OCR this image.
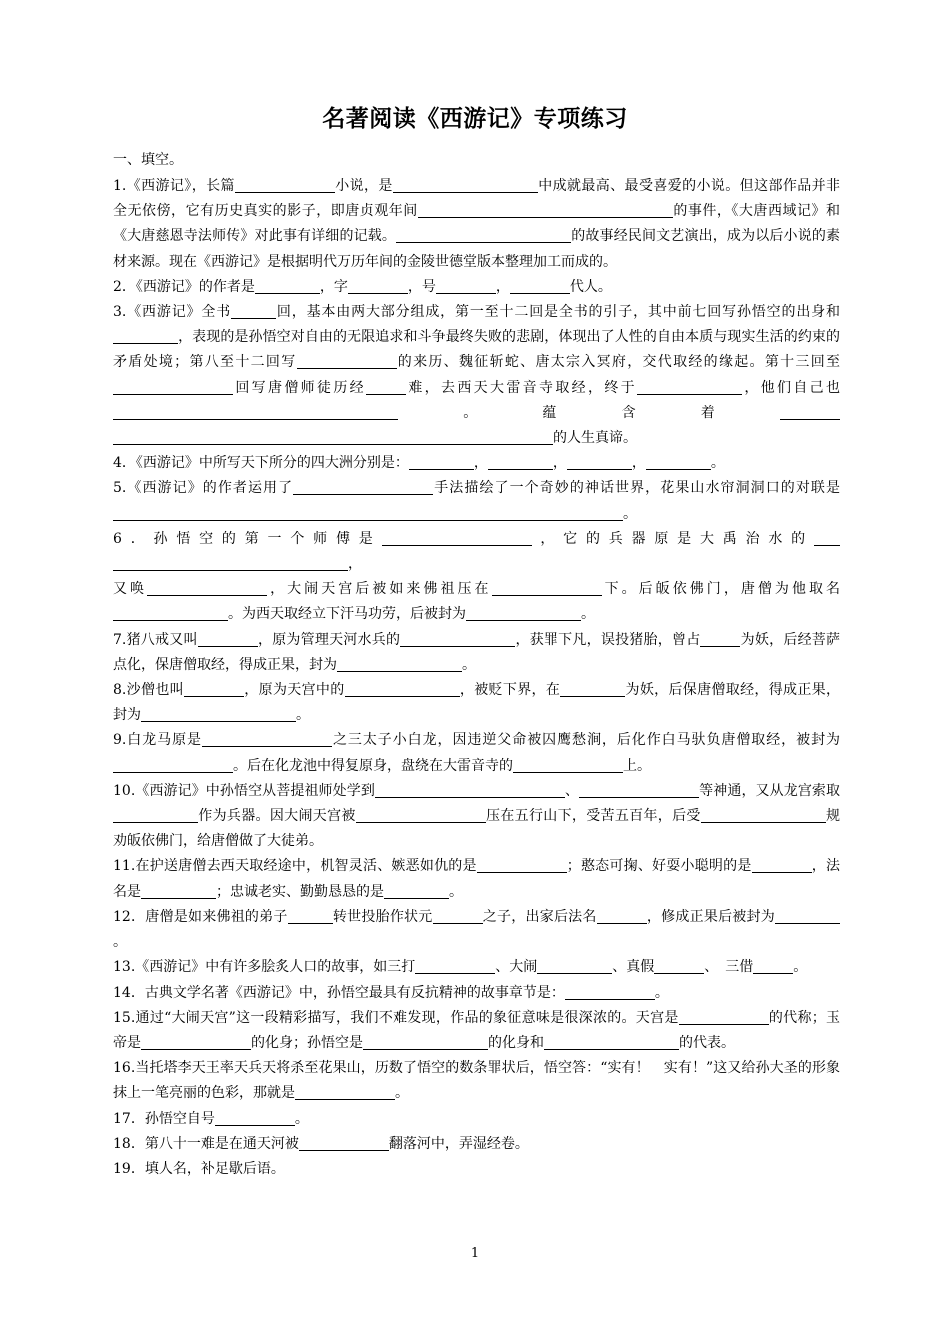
名著阅读《西游记》专项练习

一、填空。

1.《西游记》，长篇	小说，是	中成就最高、最受喜爱的小说。但这部作品并非全无依傍，它有历史真实的影子，即唐贞观年间	的事件，《大唐西域记》和《大唐慈恩寺法师传》对此事有详细的记载。	的故事经民间文艺演出，成为以后小说的素材来源。现在《西游记》是根据明代万历年间的金陵世德堂版本整理加工而成的。

2．《西游记》的作者是	，字	，号	，	代人。

3.《西游记》全书	回，基本由两大部分组成，第一至十二回是全书的引子，其中前七回写孙悟空的出身和，表现的是孙悟空对自由的无限追求和斗争最终失败的悲剧，体现出了人性的自由本质与现实生活的约束的矛盾处境；第八至十二回写	的来历、魏征斩蛇、唐太宗入冥府，交代取经的缘起。第十三回至回写唐僧师徒历经	难，去西天大雷音寺取经，终于	，他们自己也。蕴含着的人生真谛。

4．《西游记》中所写天下所分的四大洲分别是：	，	，	，	。

5.《西游记》的作者运用了	手法描绘了一个奇妙的神话世界，花果山水帘洞洞口的对联是。

6．孙悟空的第一个师傅是	，它的兵器原是大禹治水的

，

又唤	，大闹天宫后被如来佛祖压在	下。后皈依佛门，唐僧为他取名。为西天取经立下汗马功劳，后被封为	。

7.猪八戒又叫	，原为管理天河水兵的	，获罪下凡，误投猪胎，曾占	为妖，后经菩萨点化，保唐僧取经，得成正果，封为	。

8.沙僧也叫	，原为天宫中的	，被贬下界，在	为妖，后保唐僧取经，得成正果，封为	。

9.白龙马原是	之三太子小白龙，因违逆父命被囚鹰愁涧，后化作白马驮负唐僧取经，被封为。后在化龙池中得复原身，盘绕在大雷音寺的	上。

10.《西游记》中孙悟空从菩提祖师处学到	、	等神通，又从龙宫索取作为兵器。因大闹天宫被	压在五行山下，受苦五百年，后受	规劝皈依佛门，给唐僧做了大徒弟。

11.在护送唐僧去西天取经途中，机智灵活、嫉恶如仇的是	；憨态可掬、好耍小聪明的是	，法名是	；忠诚老实、勤勤恳恳的是	。

12．唐僧是如来佛祖的弟子	转世投胎作状元	之子，出家后法名	，修成正果后被封为。

13.《西游记》中有许多脍炙人口的故事，如三打	、大闹	、真假	、　三借	。

14．古典文学名著《西游记》中，孙悟空最具有反抗精神的故事章节是：	。

15.通过“大闹天宫”这一段精彩描写，我们不难发现，作品的象征意味是很深浓的。天宫是	的代称；玉帝是	的化身；孙悟空是	的化身和	的代表。

16.当托塔李天王率天兵天将杀至花果山，历数了悟空的数条罪状后，悟空答：“实有！　实有！”这又给孙大圣的形象抹上一笔亮丽的色彩，那就是	。

17．孙悟空自号	。

18．第八十一难是在通天河被	翻落河中，弄湿经卷。

19．填人名，补足歇后语。

1
